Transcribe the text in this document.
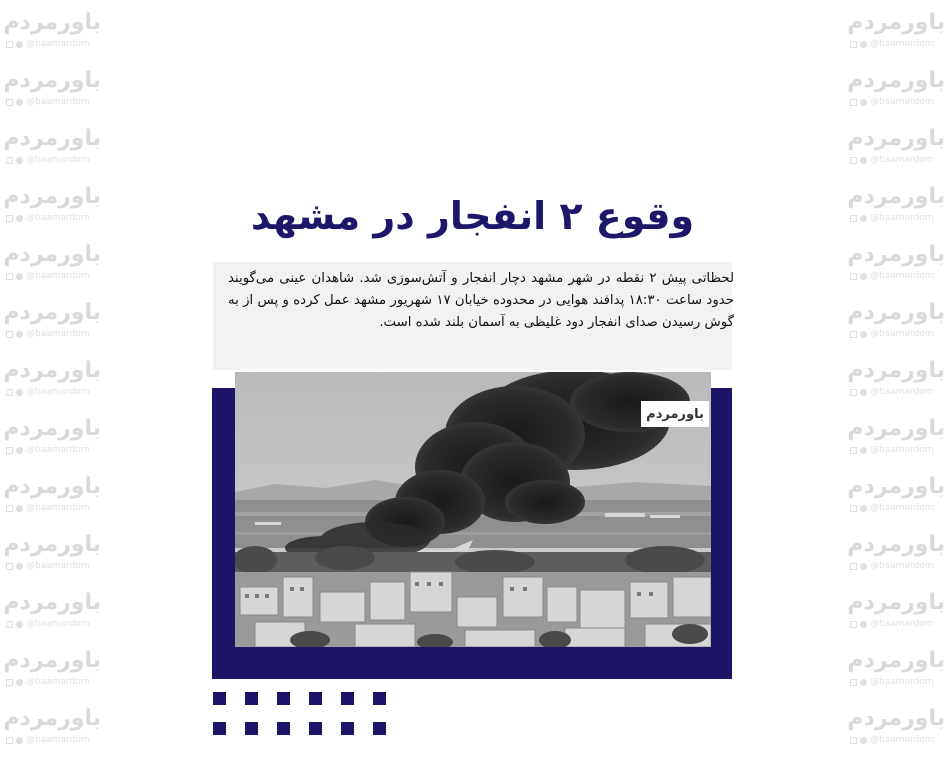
باورمردم
@baamardom
باورمردم
@baamardom
باورمردم
@baamardom
باورمردم
@baamardom
باورمردم
@baamardom
باورمردم
@baamardom
باورمردم
@baamardom
باورمردم
@baamardom
باورمردم
@baamardom
باورمردم
@baamardom
باورمردم
@baamardom
باورمردم
@baamardom
باورمردم
@baamardom
باورمردم
@baamardom
باورمردم
@baamardom
باورمردم
@baamardom
باورمردم
@baamardom
باورمردم
@baamardom
باورمردم
@baamardom
باورمردم
@baamardom
باورمردم
@baamardom
باورمردم
@baamardom
باورمردم
@baamardom
باورمردم
@baamardom
باورمردم
@baamardom
باورمردم
@baamardom
وقوع ۲ انفجار در مشهد

لحظاتی پیش ۲ نقطه در شهر مشهد دچار انفجار و آتش‌سوزی شد. شاهدان عینی می‌گویند حدود ساعت ۱۸:۳۰ پدافند هوایی در محدوده خیابان ۱۷ شهریور مشهد عمل کرده و پس از به گوش رسیدن صدای انفجار دود غلیظی به آسمان بلند شده است.

باورمردم
